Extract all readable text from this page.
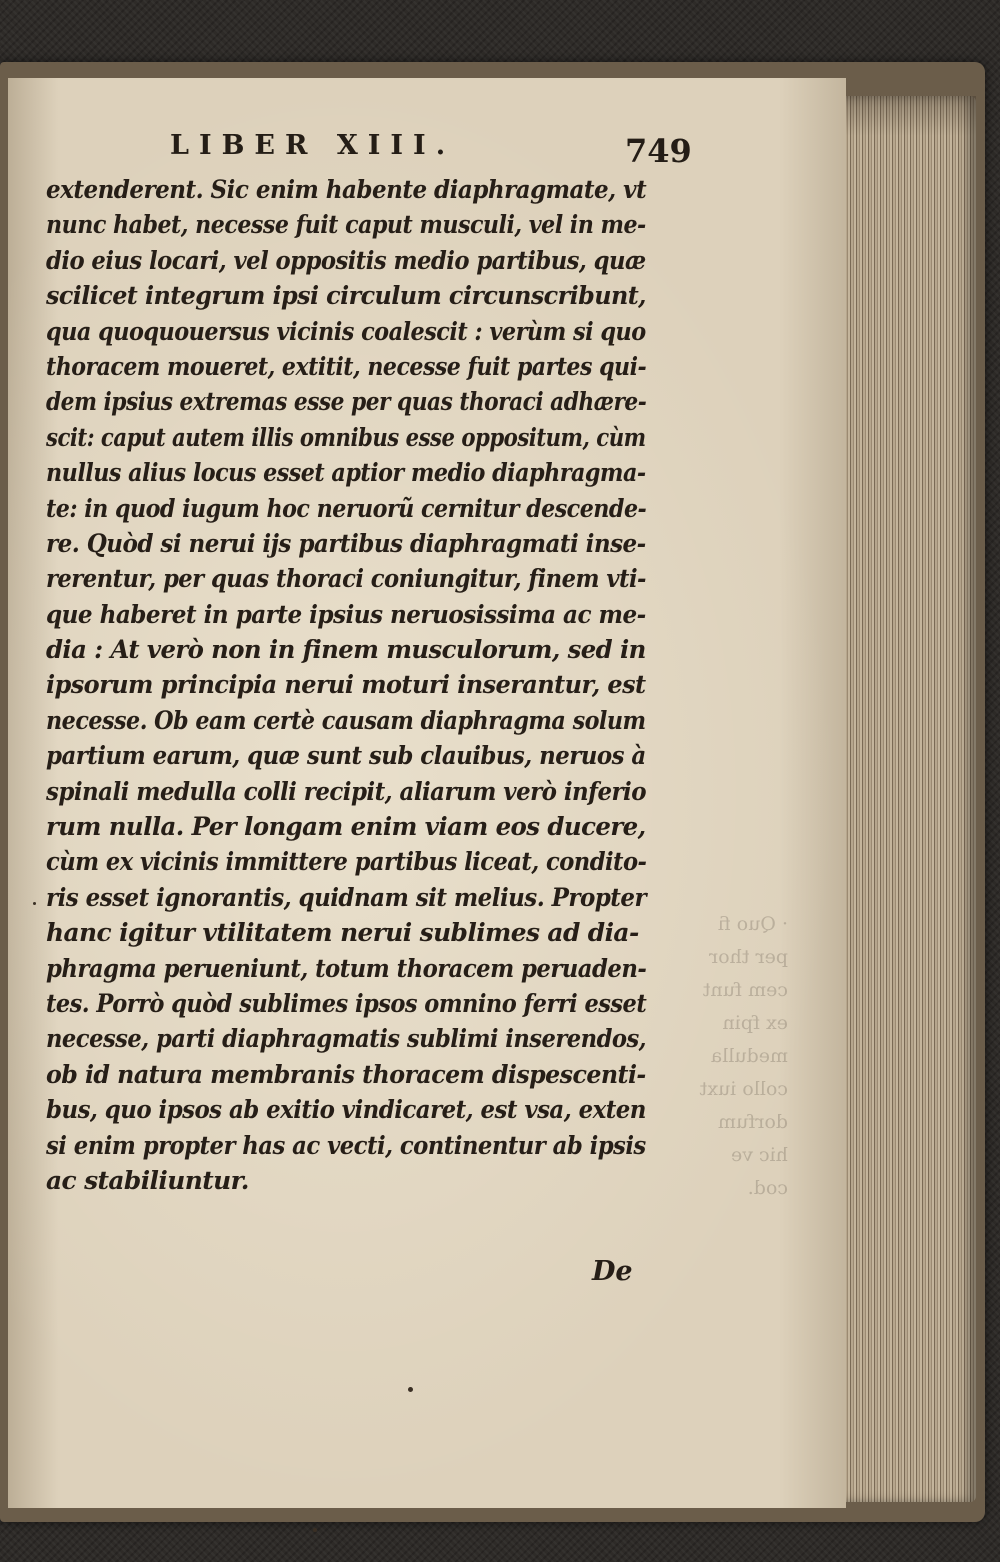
· Quo fi
per thor
cem funt
ex fpin
medulla
collo iuxt
dorfum
hic ve
cod.
LIBER XIII.	749
extenderent. Sic enim habente diaphragmate, vt
nunc habet, necesse fuit caput musculi, vel in me-
dio eius locari, vel oppositis medio partibus, quæ
scilicet integrum ipsi circulum circunscribunt,
qua quoquouersus vicinis coalescit : verùm si quo
thoracem moueret, extitit, necesse fuit partes qui-
dem ipsius extremas esse per quas thoraci adhære-
scit: caput autem illis omnibus esse oppositum, cùm
nullus alius locus esset aptior medio diaphragma-
te: in quod iugum hoc neruorũ cernitur descende-
re. Quòd si nerui ijs partibus diaphragmati inse-
rerentur, per quas thoraci coniungitur, finem vti-
que haberet in parte ipsius neruosissima ac me-
dia : At verò non in finem musculorum, sed in
ipsorum principia nerui moturi inserantur, est
necesse. Ob eam certè causam diaphragma solum
partium earum, quæ sunt sub clauibus, neruos à
spinali medulla colli recipit, aliarum verò inferio
rum nulla. Per longam enim viam eos ducere,
cùm ex vicinis immittere partibus liceat, condito-
ris esset ignorantis, quidnam sit melius. Propter
hanc igitur vtilitatem nerui sublimes ad dia-
phragma perueniunt, totum thoracem peruaden-
tes. Porrò quòd sublimes ipsos omnino ferri esset
necesse, parti diaphragmatis sublimi inserendos,
ob id natura membranis thoracem dispescenti-
bus, quo ipsos ab exitio vindicaret, est vsa, exten
si enim propter has ac vecti, continentur ab ipsis
ac stabiliuntur.
De
